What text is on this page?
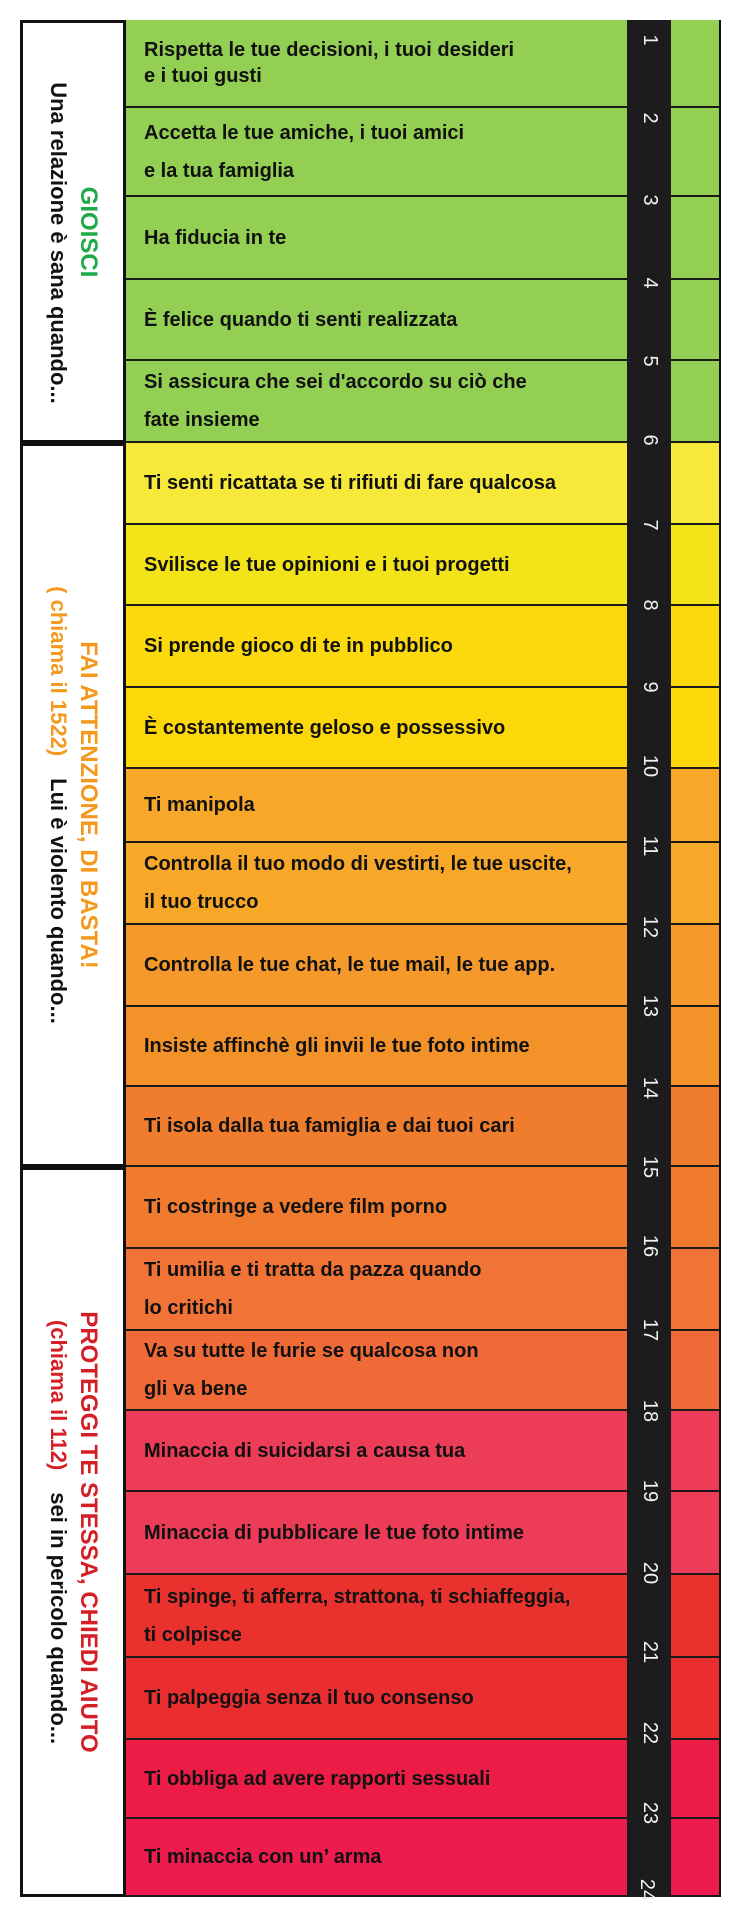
GIOISCI
Una relazione è sana quando...
FAI ATTENZIONE, DI BASTA!
( chiama il 1522)Lui è violento quando...
PROTEGGI TE STESSA, CHIEDI AIUTO
(chiama il 112)sei in pericolo quando...
Rispetta le tue decisioni, i tuoi desideri
e i tuoi gusti
Accetta le tue amiche, i tuoi amici
e la tua famiglia
Ha fiducia in te
È felice quando ti senti realizzata
Si assicura che sei d'accordo su ciò che
fate insieme
Ti senti ricattata se ti rifiuti di fare qualcosa
Svilisce le tue opinioni e i tuoi progetti
Si prende gioco di te in pubblico
È costantemente geloso e possessivo
Ti manipola
Controlla il tuo modo di vestirti, le tue uscite,
il tuo trucco
Controlla le tue chat, le tue mail, le tue app.
Insiste affinchè gli invii le tue foto intime
Ti isola dalla tua famiglia e dai tuoi cari
Ti costringe a vedere film porno
Ti umilia e ti tratta da pazza quando
lo critichi
Va su tutte le furie se qualcosa non
gli va bene
Minaccia di suicidarsi a causa tua
Minaccia di pubblicare le tue foto intime
Ti spinge, ti afferra, strattona, ti schiaffeggia,
ti colpisce
Ti palpeggia senza il tuo consenso
Ti obbliga ad avere rapporti sessuali
Ti minaccia con un’ arma
1
2
3
4
5
6
7
8
9
10
11
12
13
14
15
16
17
18
19
20
21
22
23
24
